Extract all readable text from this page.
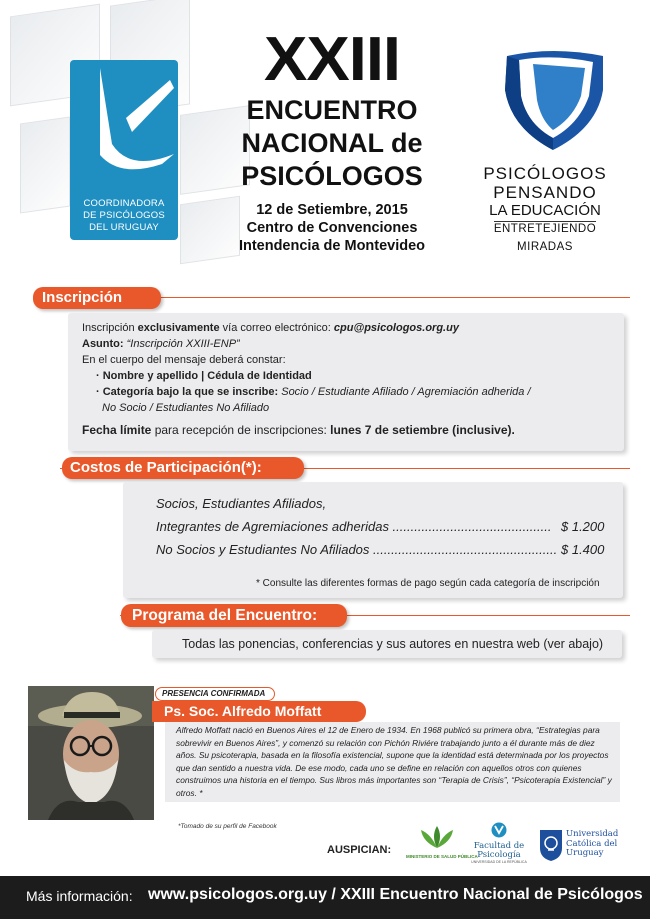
COORDINADORA
DE PSICÓLOGOS
DEL URUGUAY
XXIII
ENCUENTRO
NACIONAL de
PSICÓLOGOS
12 de Setiembre, 2015
Centro de Convenciones
Intendencia de Montevideo
PSICÓLOGOS
PENSANDO
LA EDUCACIÓN
ENTRETEJIENDO MIRADAS
Inscripción
Inscripción exclusivamente vía correo electrónico: cpu@psicologos.org.uy
Asunto: “Inscripción XXIII-ENP”
En el cuerpo del mensaje deberá constar:
· Nombre y apellido | Cédula de Identidad
· Categoría bajo la que se inscribe: Socio / Estudiante Afiliado / Agremiación adherida /
No Socio / Estudiantes No Afiliado
Fecha límite para recepción de inscripciones: lunes 7 de setiembre (inclusive).
Costos de Participación(*):
Socios, Estudiantes Afiliados,
Integrantes de Agremiaciones adheridas ............................................ $ 1.200
No Socios y Estudiantes No Afiliados ................................................... $ 1.400
* Consulte las diferentes formas de pago según cada categoría de inscripción
Programa del Encuentro:
Todas las ponencias, conferencias y sus autores en nuestra web (ver abajo)
PRESENCIA CONFIRMADA
Ps. Soc. Alfredo Moffatt
Alfredo Moffatt nació en Buenos Aires el 12 de Enero de 1934. En 1968 publicó su primera obra, “Estrategias para sobrevivir en Buenos Aires”, y comenzó su relación con Pichón Riviére trabajando junto a él durante más de diez años. Su psicoterapia, basada en la filosofía existencial, supone que la identidad está determinada por los proyectos que dan sentido a nuestra vida. De ese modo, cada uno se define en relación con aquellos otros con quienes construimos una historia en el tiempo. Sus libros más importantes son “Terapia de Crisis”, “Psicoterapia Existencial” y otros. *
*Tomado de su perfil de Facebook
AUSPICIAN:
MINISTERIO DE SALUD PÚBLICA
Facultad de
Psicología
UNIVERSIDAD DE LA REPÚBLICA
Universidad
Católica del
Uruguay
Más información: www.psicologos.org.uy / XXIII Encuentro Nacional de Psicólogos
